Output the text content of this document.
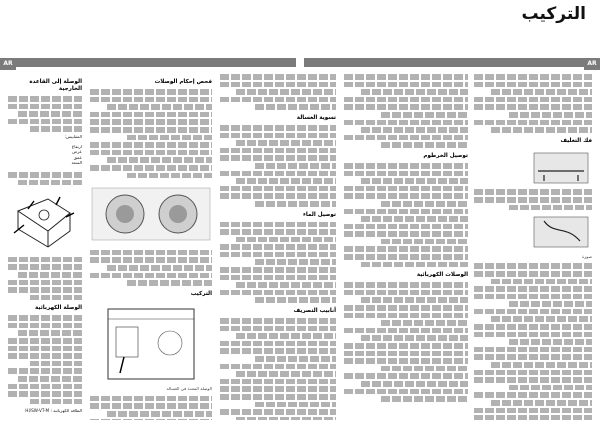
التركيب
AR	AR
الوصلة إلى القاعدة الخارجية

المقاييس:

ارتفاع
عرض
عمق
السعة
الوصلة الكهربائية

الطاقة الكهربائية ؛ HI/SW-VT-M

فحص إحكام الوصلات
التركيب

الوصلة المعدة في الغسالة

تسوية الغسالة
توصيل الماء
أنابيب التصريف
توصيل الخرطوم
الوصلات الكهربائية
فك التغليف

صورة
